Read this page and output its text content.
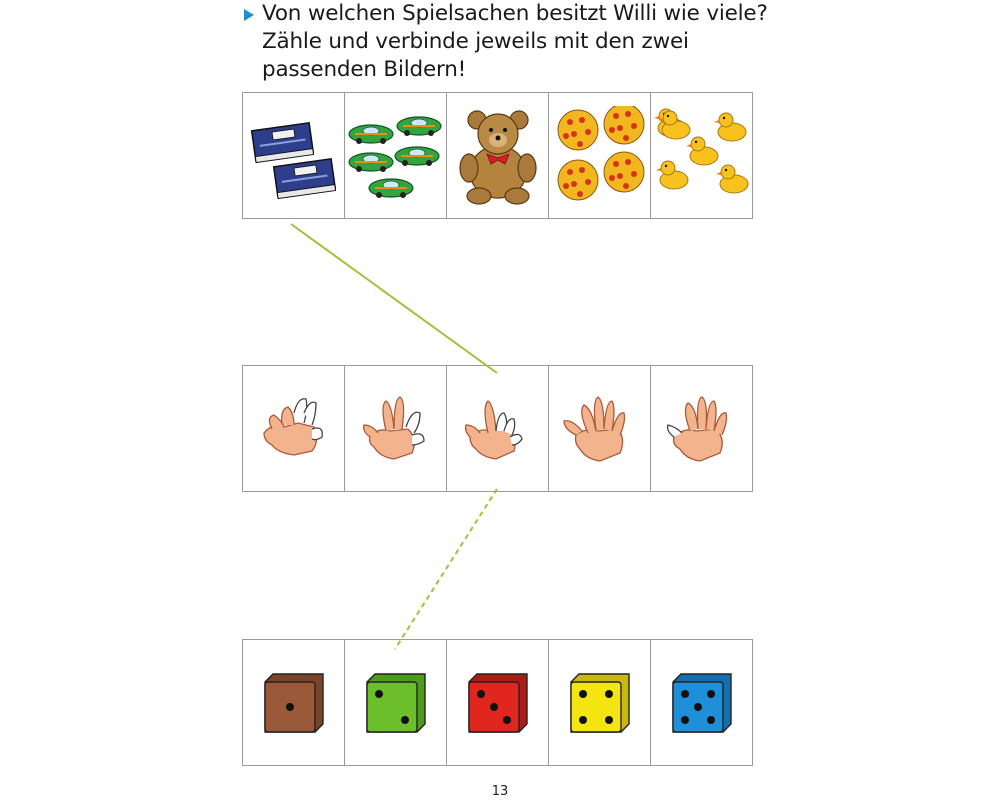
Von welchen Spielsachen besitzt Willi wie viele?
Zähle und verbinde jeweils mit den zwei
passenden Bildern!
13
